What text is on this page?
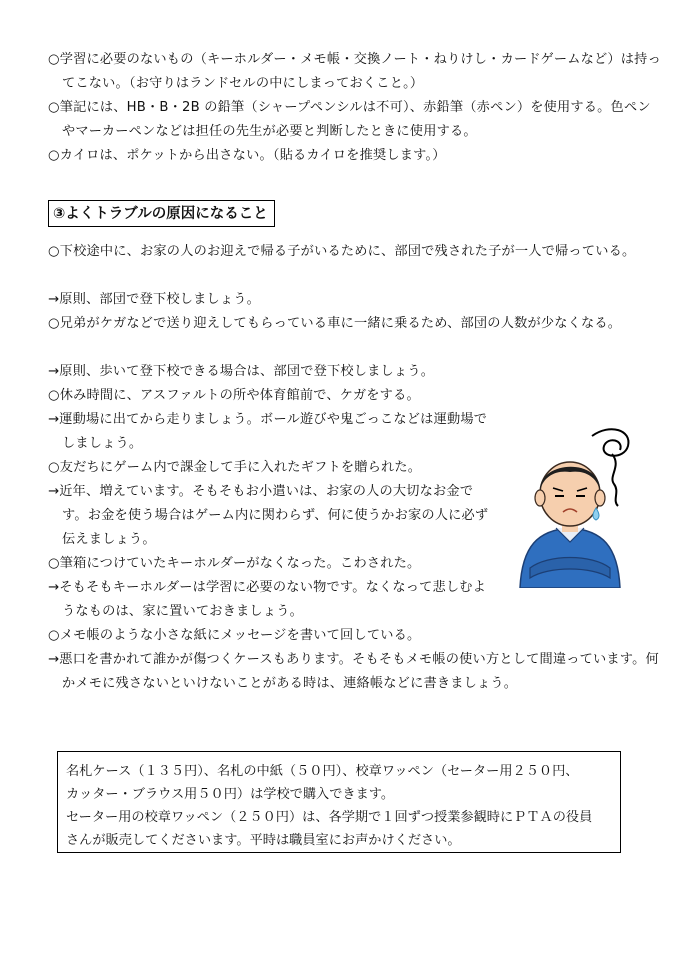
○学習に必要のないもの（キーホルダー・メモ帳・交換ノート・ねりけし・カードゲームなど）は持ってこない。（お守りはランドセルの中にしまっておくこと。）

○筆記には、HB・B・2B の鉛筆（シャープペンシルは不可）、赤鉛筆（赤ペン）を使用する。色ペンやマーカーペンなどは担任の先生が必要と判断したときに使用する。

○カイロは、ポケットから出さない。（貼るカイロを推奨します。）

③よくトラブルの原因になること

○下校途中に、お家の人のお迎えで帰る子がいるために、部団で残された子が一人で帰っている。

→原則、部団で登下校しましょう。

○兄弟がケガなどで送り迎えしてもらっている車に一緒に乗るため、部団の人数が少なくなる。

→原則、歩いて登下校できる場合は、部団で登下校しましょう。

○休み時間に、アスファルトの所や体育館前で、ケガをする。

→運動場に出てから走りましょう。ボール遊びや鬼ごっこなどは運動場でしましょう。

○友だちにゲーム内で課金して手に入れたギフトを贈られた。

→近年、増えています。そもそもお小遣いは、お家の人の大切なお金です。お金を使う場合はゲーム内に関わらず、何に使うかお家の人に必ず伝えましょう。

○筆箱につけていたキーホルダーがなくなった。こわされた。

→そもそもキーホルダーは学習に必要のない物です。なくなって悲しむようなものは、家に置いておきましょう。

○メモ帳のような小さな紙にメッセージを書いて回している。

→悪口を書かれて誰かが傷つくケースもあります。そもそもメモ帳の使い方として間違っています。何かメモに残さないといけないことがある時は、連絡帳などに書きましょう。

名札ケース（１３５円）、名札の中紙（５０円）、校章ワッペン（セーター用２５０円、
カッター・ブラウス用５０円）は学校で購入できます。
セーター用の校章ワッペン（２５０円）は、各学期で１回ずつ授業参観時にＰＴＡの役員
さんが販売してくださいます。平時は職員室にお声かけください。
